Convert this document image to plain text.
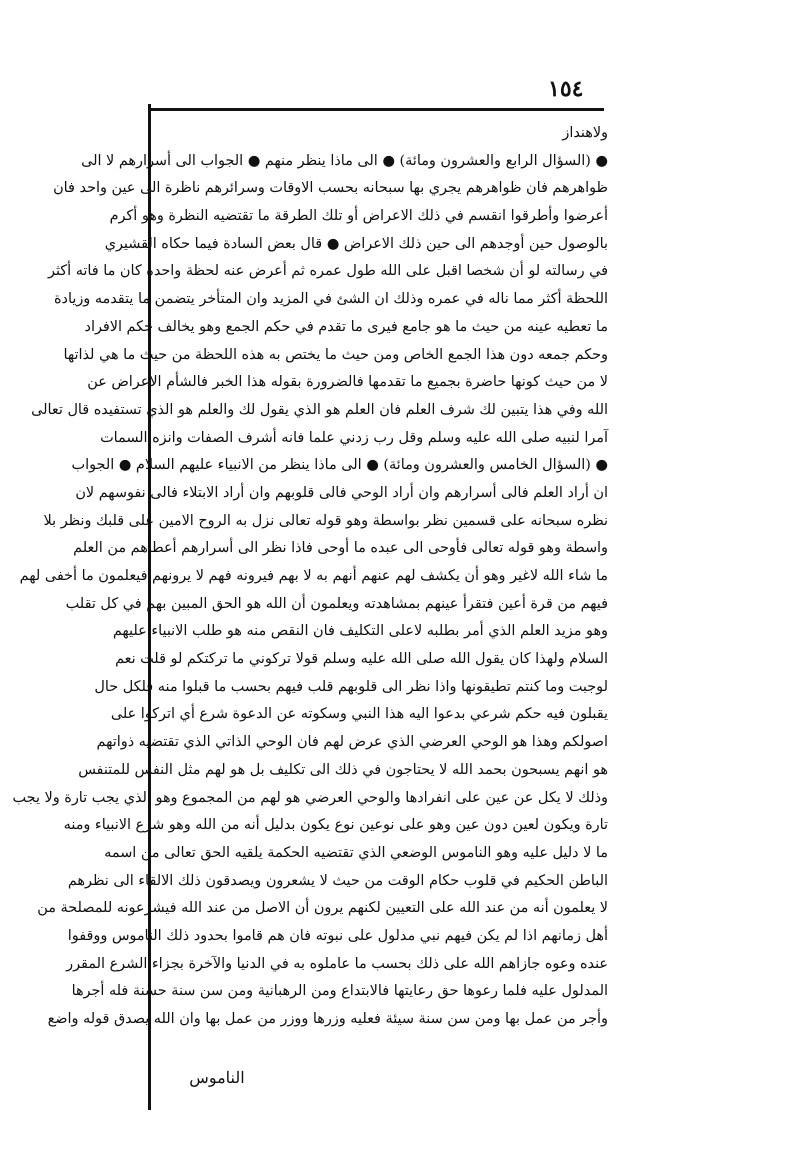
١٥٤
ولاهنداز
● (السؤال الرابع والعشرون ومائة) ● الى ماذا ينظر منهم ● الجواب الى أسرارهم لا الى
ظواهرهم فان ظواهرهم يجري بها سبحانه بحسب الاوقات وسرائرهم ناظرة الى عين واحد فان
أعرضوا وأطرقوا انقسم في ذلك الاعراض أو تلك الطرقة ما تقتضيه النظرة وهو أكرم
بالوصول حين أوجدهم الى حين ذلك الاعراض ● قال بعض السادة فيما حكاه القشيري
في رسالته لو أن شخصا اقبل على الله طول عمره ثم أعرض عنه لحظة واحدة كان ما فاته أكثر
اللحظة أكثر مما ناله في عمره وذلك ان الشئ في المزيد وان المتأخر يتضمن ما يتقدمه وزيادة
ما تعطيه عينه من حيث ما هو جامع فيرى ما تقدم في حكم الجمع وهو يخالف حكم الافراد
وحكم جمعه دون هذا الجمع الخاص ومن حيث ما يختص به هذه اللحظة من حيث ما هي لذاتها
لا من حيث كونها حاضرة بجميع ما تقدمها فالضرورة بقوله هذا الخبر فالشأم الاعراض عن
الله وفي هذا يتبين لك شرف العلم فان العلم هو الذي يقول لك والعلم هو الذي تستفيده قال تعالى
آمرا لنبيه صلى الله عليه وسلم وقل رب زدني علما فانه أشرف الصفات وانزه السمات
● (السؤال الخامس والعشرون ومائة) ● الى ماذا ينظر من الانبياء عليهم السلام ● الجواب
ان أراد العلم فالى أسرارهم وان أراد الوحي فالى قلوبهم وان أراد الابتلاء فالى نفوسهم لان
نظره سبحانه على قسمين نظر بواسطة وهو قوله تعالى نزل به الروح الامين على قلبك ونظر بلا
واسطة وهو قوله تعالى فأوحى الى عبده ما أوحى فاذا نظر الى أسرارهم أعطاهم من العلم
ما شاء الله لاغير وهو أن يكشف لهم عنهم أنهم به لا بهم فيرونه فهم لا يرونهم فيعلمون ما أخفى لهم
فيهم من قرة أعين فتقرأ عينهم بمشاهدته ويعلمون أن الله هو الحق المبين بهم في كل تقلب
وهو مزيد العلم الذي أمر بطلبه لاعلى التكليف فان النقص منه هو طلب الانبياء عليهم
السلام ولهذا كان يقول الله صلى الله عليه وسلم قولا تركوني ما تركتكم لو قلت نعم
لوجبت وما كنتم تطيقونها واذا نظر الى قلوبهم قلب فيهم بحسب ما قبلوا منه فلكل حال
يقبلون فيه حكم شرعي بدعوا اليه هذا النبي وسكوته عن الدعوة شرع أي اتركوا على
اصولكم وهذا هو الوحي العرضي الذي عرض لهم فان الوحي الذاتي الذي تقتضيه ذواتهم
هو انهم يسبحون بحمد الله لا يحتاجون في ذلك الى تكليف بل هو لهم مثل النفس للمتنفس
وذلك لا يكل عن عين على انفرادها والوحي العرضي هو لهم من المجموع وهو الذي يجب تارة ولا يجب
تارة ويكون لعين دون عين وهو على نوعين نوع يكون بدليل أنه من الله وهو شرع الانبياء ومنه
ما لا دليل عليه وهو الناموس الوضعي الذي تقتضيه الحكمة يلقيه الحق تعالى من اسمه
الباطن الحكيم في قلوب حكام الوقت من حيث لا يشعرون ويصدقون ذلك الالقاء الى نظرهم
لا يعلمون أنه من عند الله على التعيين لكنهم يرون أن الاصل من عند الله فيشرعونه للمصلحة من
أهل زمانهم اذا لم يكن فيهم نبي مدلول على نبوته فان هم قاموا بحدود ذلك الناموس ووقفوا
عنده وعوه جازاهم الله على ذلك بحسب ما عاملوه به في الدنيا والآخرة بجزاء الشرع المقرر
المدلول عليه فلما رعوها حق رعايتها فالابتداع ومن الرهبانية ومن سن سنة حسنة فله أجرها
وأجر من عمل بها ومن سن سنة سيئة فعليه وزرها ووزر من عمل بها وان الله يصدق قوله واضع
الناموس
